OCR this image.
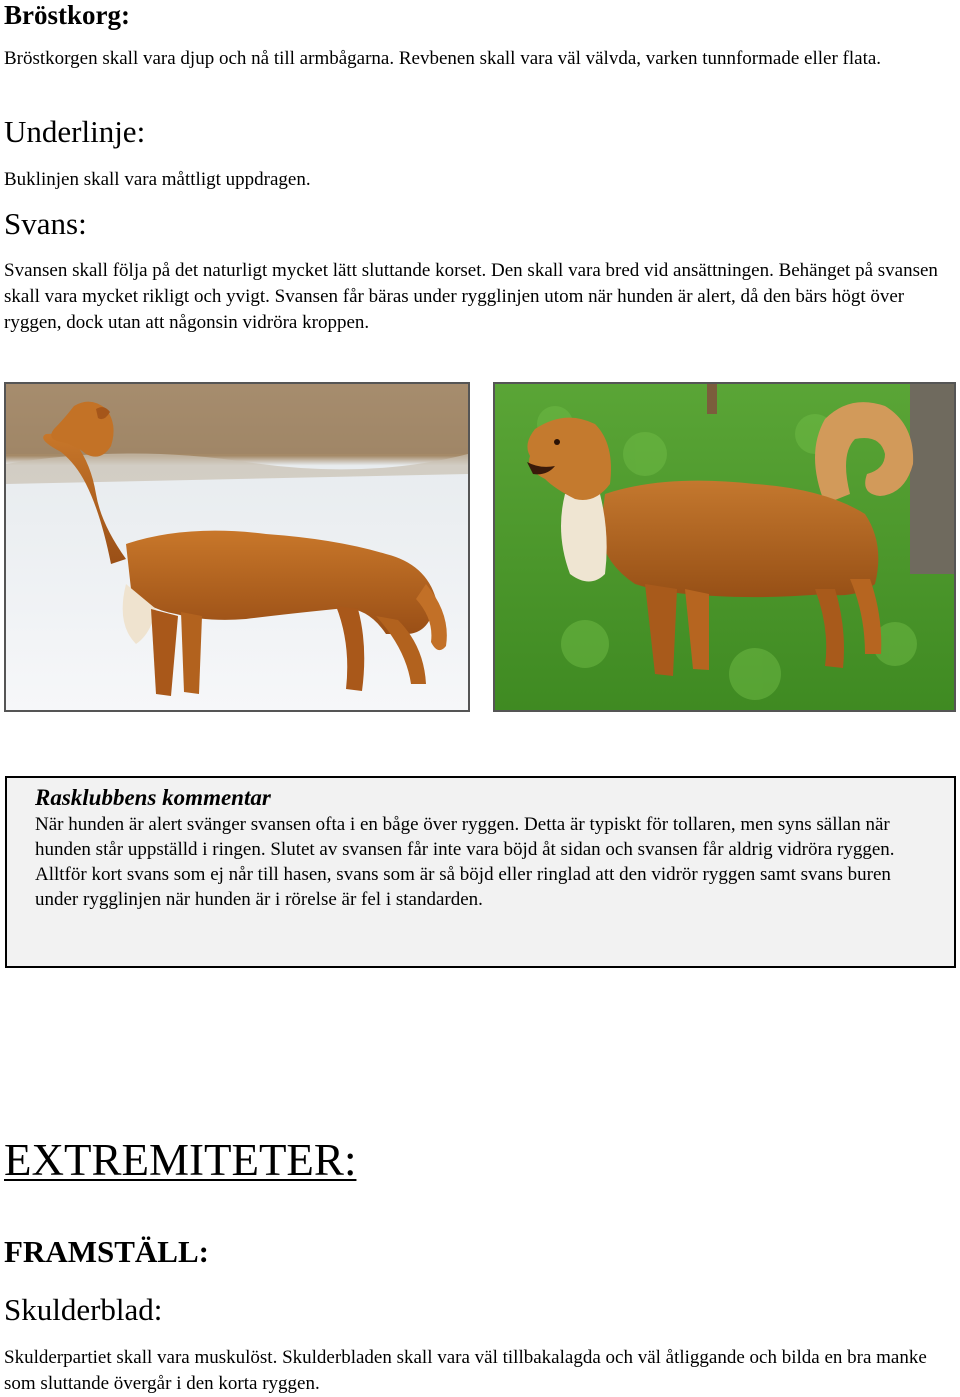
Bröstkorg:

Bröstkorgen skall vara djup och nå till armbågarna. Revbenen skall vara väl välvda, varken tunnformade eller flata.

Underlinje:

Buklinjen skall vara måttligt uppdragen.

Svans:

Svansen skall följa på det naturligt mycket lätt sluttande korset. Den skall vara bred vid ansättningen. Behänget på svansen skall vara mycket rikligt och yvigt. Svansen får bäras under rygglinjen utom när hunden är alert, då den bärs högt över ryggen, dock utan att någonsin vidröra kroppen.

Rasklubbens kommentar

När hunden är alert svänger svansen ofta i en båge över ryggen. Detta är typiskt för tollaren, men syns sällan när hunden står uppställd i ringen. Slutet av svansen får inte vara böjd åt sidan och svansen får aldrig vidröra ryggen.

Alltför kort svans som ej når till hasen, svans som är så böjd eller ringlad att den vidrör ryggen samt svans buren under rygglinjen när hunden är i rörelse är fel i standarden.

EXTREMITETER:
FRAMSTÄLL:
Skulderblad:

Skulderpartiet skall vara muskulöst. Skulderbladen skall vara väl tillbakalagda och väl åtliggande och bilda en bra manke som sluttande övergår i den korta ryggen.
